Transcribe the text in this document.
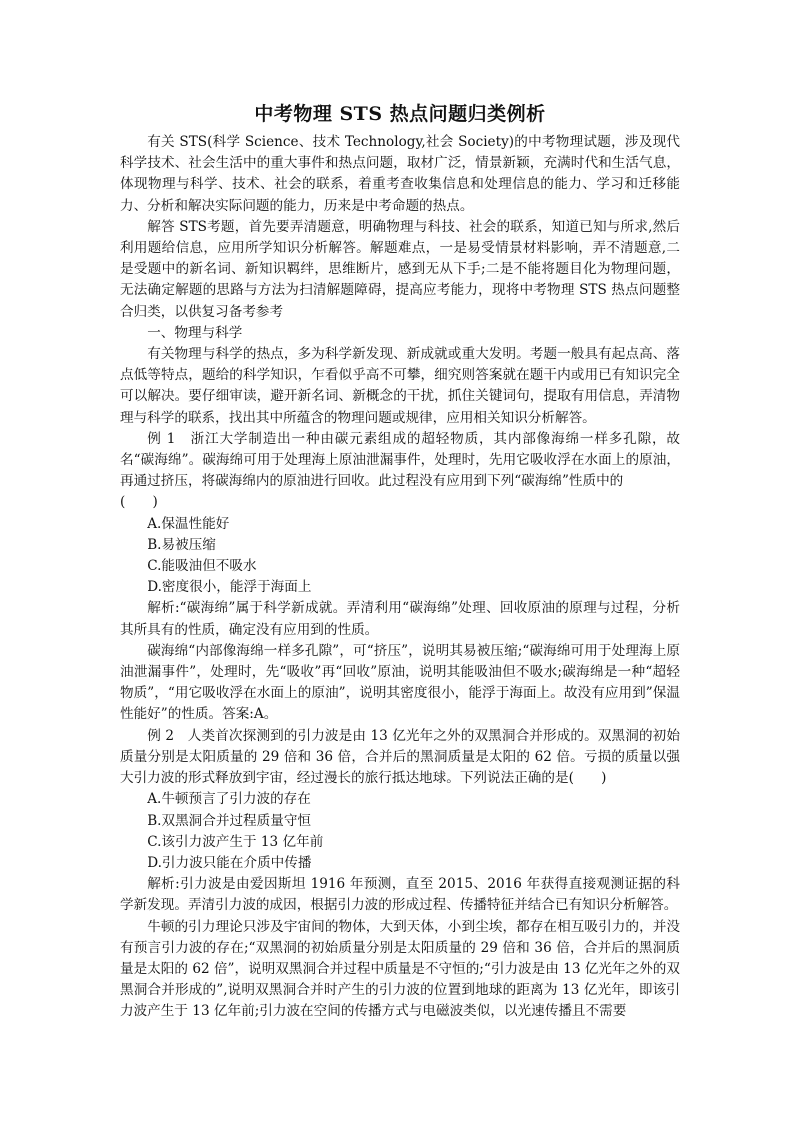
中考物理 STS 热点问题归类例析

有关 STS(科学 Science、技术 Technology,社会 Society)的中考物理试题，涉及现代科学技术、社会生活中的重大事件和热点问题，取材广泛，情景新颖，充满时代和生活气息，体现物理与科学、技术、社会的联系，着重考查收集信息和处理信息的能力、学习和迁移能力、分析和解决实际问题的能力，历来是中考命题的热点。

解答 STS考题，首先要弄清题意，明确物理与科技、社会的联系，知道已知与所求,然后利用题给信息，应用所学知识分析解答。解题难点，一是易受情景材料影响，弄不清题意,二是受题中的新名词、新知识羁绊，思维断片，感到无从下手;二是不能将题目化为物理问题，无法确定解题的思路与方法为扫清解题障碍，提高应考能力，现将中考物理 STS 热点问题整合归类，以供复习备考参考

一、物理与科学

有关物理与科学的热点，多为科学新发现、新成就或重大发明。考题一般具有起点高、落点低等特点，题给的科学知识，乍看似乎高不可攀，细究则答案就在题干内或用已有知识完全可以解决。要仔细审读，避开新名词、新概念的干扰，抓住关键词句，提取有用信息，弄清物理与科学的联系，找出其中所蕴含的物理问题或规律，应用相关知识分析解答。

例 1　浙江大学制造出一种由碳元素组成的超轻物质，其内部像海绵一样多孔隙，故名“碳海绵”。碳海绵可用于处理海上原油泄漏事件，处理时，先用它吸收浮在水面上的原油，再通过挤压，将碳海绵内的原油进行回收。此过程没有应用到下列“碳海绵”性质中的

(　　)

A.保温性能好

B.易被压缩

C.能吸油但不吸水

D.密度很小，能浮于海面上

解析:“碳海绵”属于科学新成就。弄清利用“碳海绵”处理、回收原油的原理与过程，分析其所具有的性质，确定没有应用到的性质。

碳海绵“内部像海绵一样多孔隙”，可“挤压”，说明其易被压缩;“碳海绵可用于处理海上原油泄漏事件”，处理时，先“吸收”再“回收”原油，说明其能吸油但不吸水;碳海绵是一种“超轻物质”，“用它吸收浮在水面上的原油”，说明其密度很小，能浮于海面上。故没有应用到”保温性能好”的性质。答案:A。

例 2　人类首次探测到的引力波是由 13 亿光年之外的双黑洞合并形成的。双黑洞的初始质量分别是太阳质量的 29 倍和 36 倍，合并后的黑洞质量是太阳的 62 倍。亏损的质量以强大引力波的形式释放到宇宙，经过漫长的旅行抵达地球。下列说法正确的是(　　)

A.牛顿预言了引力波的存在

B.双黑洞合并过程质量守恒

C.该引力波产生于 13 亿年前

D.引力波只能在介质中传播

解析:引力波是由爱因斯坦 1916 年预测，直至 2015、2016 年获得直接观测证据的科学新发现。弄清引力波的成因，根据引力波的形成过程、传播特征并结合已有知识分析解答。

牛顿的引力理论只涉及宇宙间的物体，大到天体，小到尘埃，都存在相互吸引力的，并没有预言引力波的存在;“双黑洞的初始质量分别是太阳质量的 29 倍和 36 倍，合并后的黑洞质量是太阳的 62 倍”，说明双黑洞合并过程中质量是不守恒的;“引力波是由 13 亿光年之外的双黑洞合并形成的”,说明双黑洞合并时产生的引力波的位置到地球的距离为 13 亿光年，即该引力波产生于 13 亿年前;引力波在空间的传播方式与电磁波类似，以光速传播且不需要
